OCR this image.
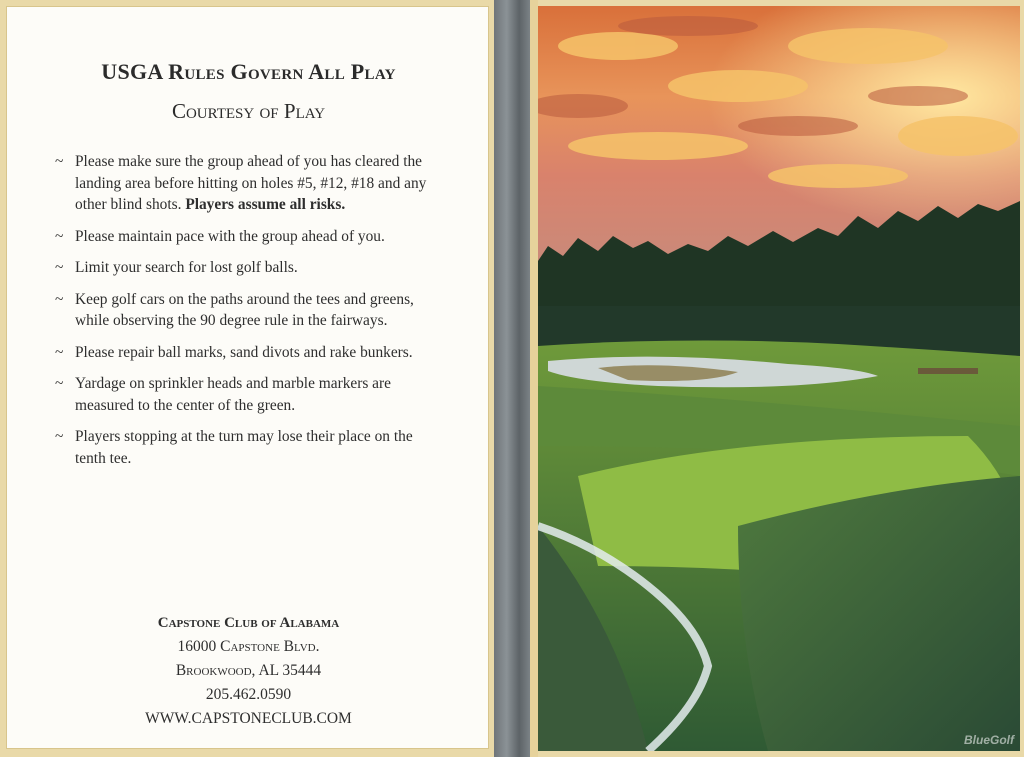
USGA Rules Govern All Play
Courtesy of Play
~ Please make sure the group ahead of you has cleared the landing area before hitting on holes #5, #12, #18 and any other blind shots. Players assume all risks.
~ Please maintain pace with the group ahead of you.
~ Limit your search for lost golf balls.
~ Keep golf cars on the paths around the tees and greens, while observing the 90 degree rule in the fairways.
~ Please repair ball marks, sand divots and rake bunkers.
~ Yardage on sprinkler heads and marble markers are measured to the center of the green.
~ Players stopping at the turn may lose their place on the tenth tee.
Capstone Club of Alabama
16000 Capstone Blvd.
Brookwood, AL 35444
205.462.0590
WWW.CAPSTONECLUB.COM
BlueGolf
